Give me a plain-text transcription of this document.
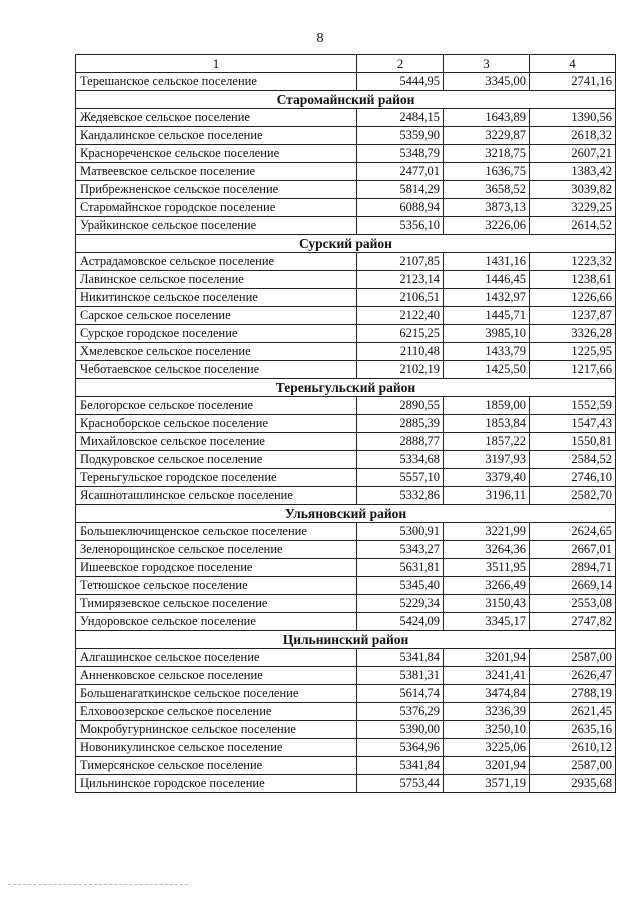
8
1	2	3	4
Терешанское сельское поселение	5444,95	3345,00	2741,16
Старомайнский район			
Жедяевское сельское поселение	2484,15	1643,89	1390,56
Кандалинское сельское поселение	5359,90	3229,87	2618,32
Краснореченское сельское поселение	5348,79	3218,75	2607,21
Матвеевское сельское поселение	2477,01	1636,75	1383,42
Прибрежненское сельское поселение	5814,29	3658,52	3039,82
Старомайнское городское поселение	6088,94	3873,13	3229,25
Урайкинское сельское поселение	5356,10	3226,06	2614,52
Сурский район			
Астрадамовское сельское поселение	2107,85	1431,16	1223,32
Лавинское сельское поселение	2123,14	1446,45	1238,61
Никитинское сельское поселение	2106,51	1432,97	1226,66
Сарское сельское поселение	2122,40	1445,71	1237,87
Сурское городское поселение	6215,25	3985,10	3326,28
Хмелевское сельское поселение	2110,48	1433,79	1225,95
Чеботаевское сельское поселение	2102,19	1425,50	1217,66
Тереньгульский район			
Белогорское сельское поселение	2890,55	1859,00	1552,59
Красноборское сельское поселение	2885,39	1853,84	1547,43
Михайловское сельское поселение	2888,77	1857,22	1550,81
Подкуровское сельское поселение	5334,68	3197,93	2584,52
Тереньгульское городское поселение	5557,10	3379,40	2746,10
Ясашноташлинское сельское поселение	5332,86	3196,11	2582,70
Ульяновский район			
Большеключищенское сельское поселение	5300,91	3221,99	2624,65
Зеленорощинское сельское поселение	5343,27	3264,36	2667,01
Ишеевское городское поселение	5631,81	3511,95	2894,71
Тетюшское сельское поселение	5345,40	3266,49	2669,14
Тимирязевское сельское поселение	5229,34	3150,43	2553,08
Ундоровское сельское поселение	5424,09	3345,17	2747,82
Цильнинский район			
Алгашинское сельское поселение	5341,84	3201,94	2587,00
Анненковское сельское поселение	5381,31	3241,41	2626,47
Большенагаткинское сельское поселение	5614,74	3474,84	2788,19
Елховоозерское сельское поселение	5376,29	3236,39	2621,45
Мокробугурнинское сельское поселение	5390,00	3250,10	2635,16
Новоникулинское сельское поселение	5364,96	3225,06	2610,12
Тимерсянское сельское поселение	5341,84	3201,94	2587,00
Цильнинское городское поселение	5753,44	3571,19	2935,68
